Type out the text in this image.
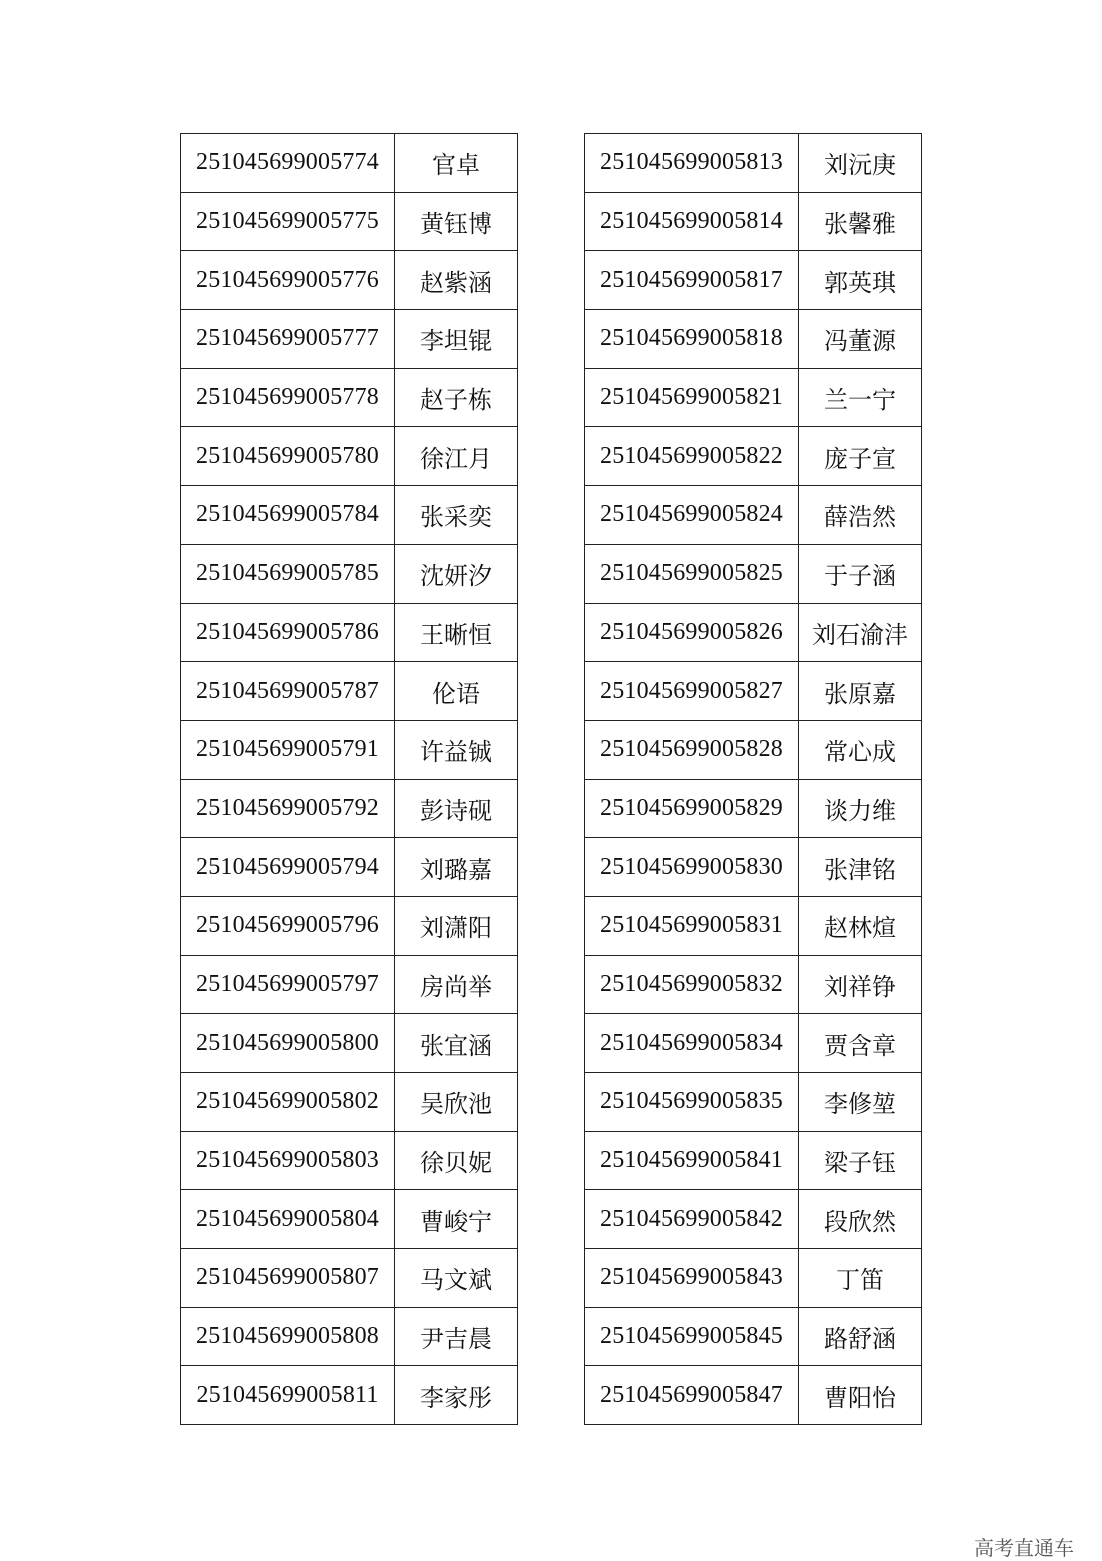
251045699005774	官卓
251045699005775	黄钰博
251045699005776	赵紫涵
251045699005777	李坦锟
251045699005778	赵子栋
251045699005780	徐江月
251045699005784	张采奕
251045699005785	沈妍汐
251045699005786	王晰恒
251045699005787	伦语
251045699005791	许益铖
251045699005792	彭诗砚
251045699005794	刘璐嘉
251045699005796	刘潇阳
251045699005797	房尚举
251045699005800	张宜涵
251045699005802	吴欣池
251045699005803	徐贝妮
251045699005804	曹峻宁
251045699005807	马文斌
251045699005808	尹吉晨
251045699005811	李家彤
251045699005813	刘沅庚
251045699005814	张馨雅
251045699005817	郭英琪
251045699005818	冯董源
251045699005821	兰一宁
251045699005822	庞子宣
251045699005824	薛浩然
251045699005825	于子涵
251045699005826	刘石渝沣
251045699005827	张原嘉
251045699005828	常心成
251045699005829	谈力维
251045699005830	张津铭
251045699005831	赵林煊
251045699005832	刘祥铮
251045699005834	贾含章
251045699005835	李修堃
251045699005841	梁子钰
251045699005842	段欣然
251045699005843	丁笛
251045699005845	路舒涵
251045699005847	曹阳怡
高考直通车
